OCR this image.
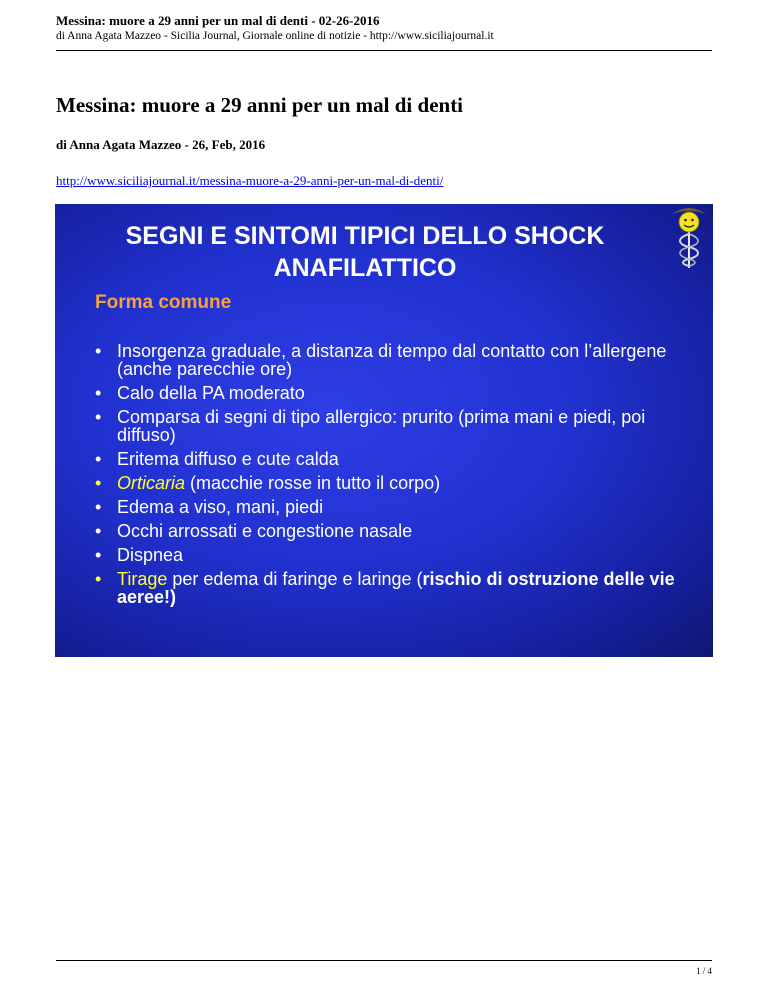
Messina: muore a 29 anni per un mal di denti - 02-26-2016
di Anna Agata Mazzeo - Sicilia Journal, Giornale online di notizie - http://www.siciliajournal.it
Messina: muore a 29 anni per un mal di denti
di Anna Agata Mazzeo - 26, Feb, 2016
http://www.siciliajournal.it/messina-muore-a-29-anni-per-un-mal-di-denti/
SEGNI E SINTOMI TIPICI DELLO SHOCK
ANAFILATTICO
Forma comune
• Insorgenza graduale, a distanza di tempo dal contatto con l’allergene (anche parecchie ore)
• Calo della PA moderato
• Comparsa di segni di tipo allergico: prurito (prima mani e piedi, poi diffuso)
• Eritema diffuso e cute calda
• Orticaria (macchie rosse in tutto il corpo)
• Edema a viso, mani, piedi
• Occhi arrossati e congestione nasale
• Dispnea
• Tirage per edema di faringe e laringe (rischio di ostruzione delle vie aeree!)
1 / 4
